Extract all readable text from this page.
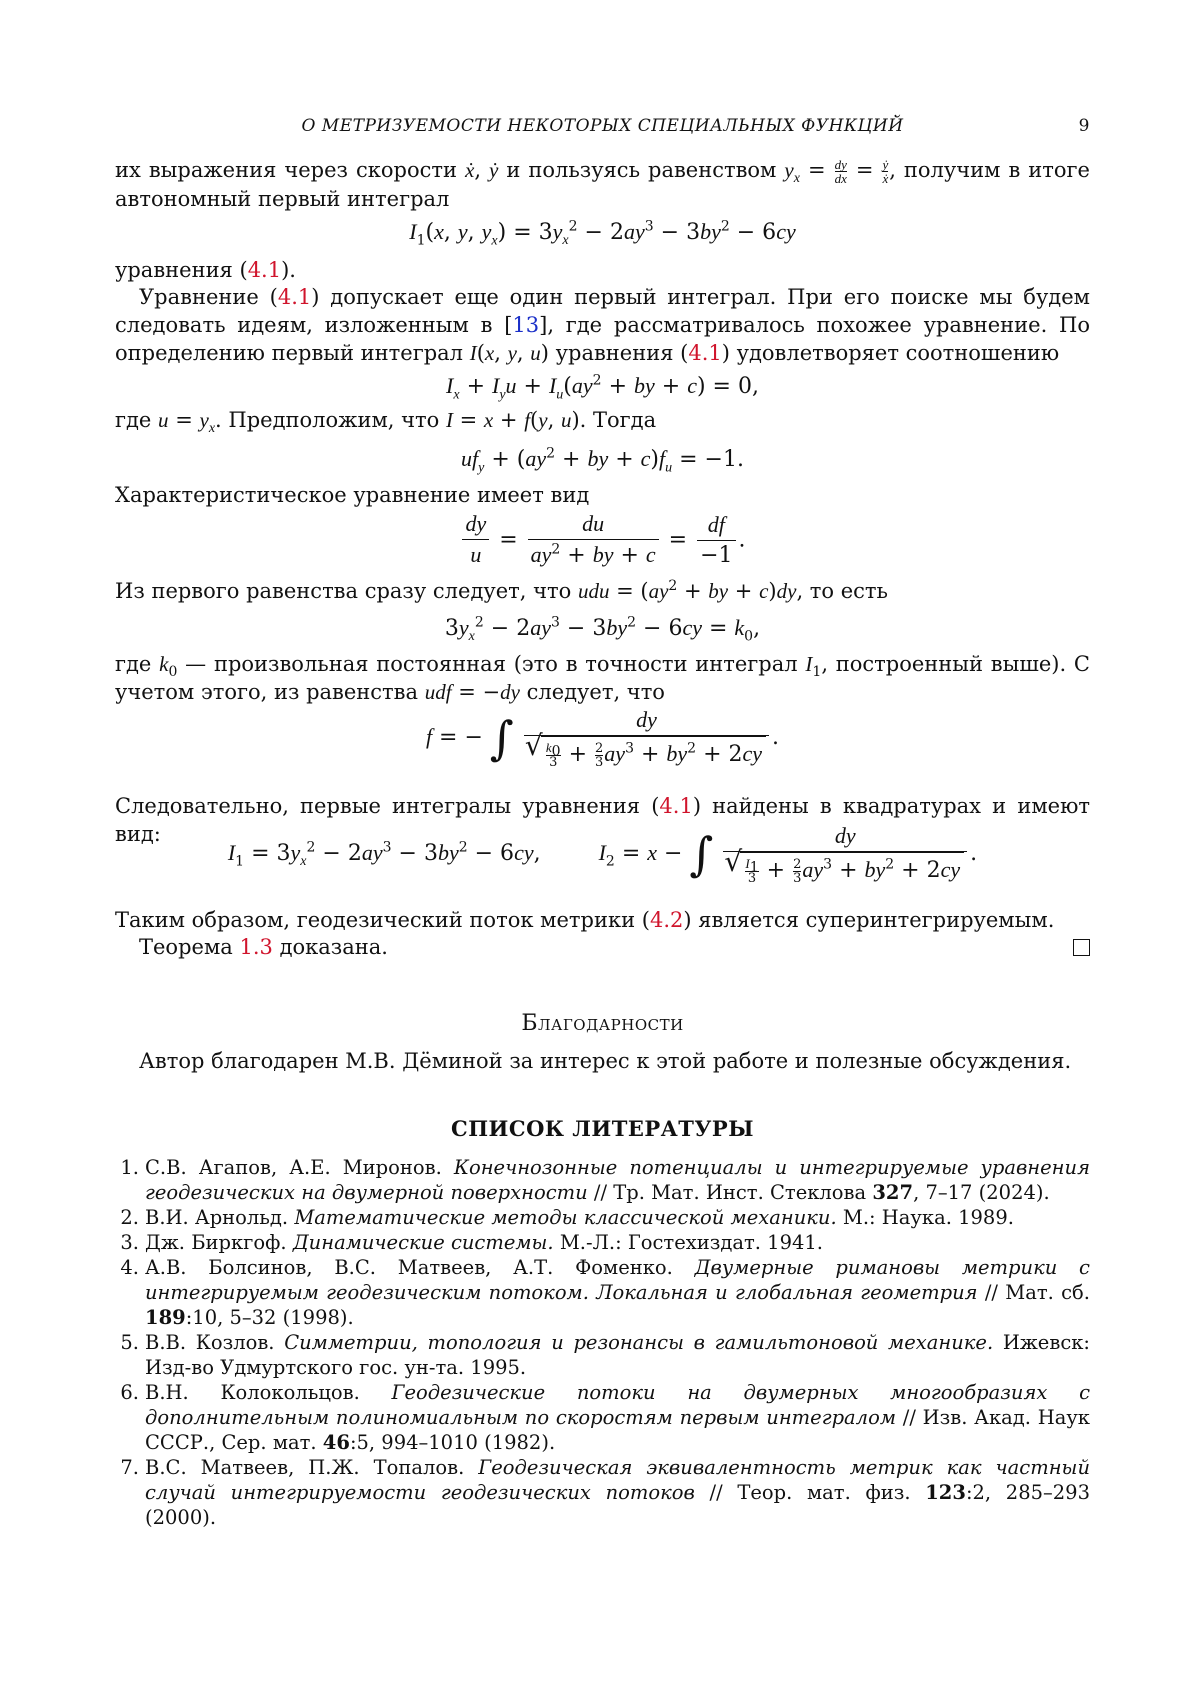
О МЕТРИЗУЕМОСТИ НЕКОТОРЫХ СПЕЦИАЛЬНЫХ ФУНКЦИЙ	9
их выражения через скорости ẋ, ẏ и пользуясь равенством $y_x = \frac{dy}{dx} = \frac{\text{ẏ}}{\text{ẋ}}$ , получим в итоге автономный первый интеграл
$I_1(x$, y, $y_x) = 3y_x^2 - 2ay^3 - 3by^2 - 6cy$
уравнения (4.1).
Уравнение (4.1) допускает еще один первый интеграл. При его поиске мы будем следовать идеям, изложенным в [13], где рассматривалось похожее уравнение. По определению первый интеграл I(x, y, u) уравнения (4.1) удовлетворяет соотношению
$I_x + I_yu + I_u(ay^2$ + by + c) = 0,
где $u = y_x$. Предположим, что I = x + f(y, u). Тогда
$uf_y + (ay^2$ + by + $c)f_u = -1$.
Характеристическое уравнение имеет вид
$\frac{dy}{u} = \frac{du}{ay^2 + by + c} = \frac{df}{-1}$ .
Из первого равенства сразу следует, что udu = ($ay^2$ + by + c)dy, то есть
$3y_x^2 - 2ay^3 - 3by^2 - 6cy = k_0$,
где $k_0$ — произвольная постоянная (это в точности интеграл $I_1$, построенный выше). С учетом этого, из равенства udf = −dy следует, что
f = − ∫ dy
√ $\frac{k_0}{3} + \frac{2}{3} ay^3 + by^2 + 2cy$ .
Следовательно, первые интегралы уравнения (4.1) найдены в квадратурах и имеют вид:
$I_1 = 3y_x^2 - 2ay^3 - 3by^2 - 6cy$,  $I_2 = x$ − ∫ dy
√ $\frac{I_1}{3} + \frac{2}{3} ay^3 + by^2 + 2cy$ .
Таким образом, геодезический поток метрики (4.2) является суперинтегрируемым.
Теорема 1.3 доказана.
Благодарности
Автор благодарен М.В. Дёминой за интерес к этой работе и полезные обсуждения.
СПИСОК ЛИТЕРАТУРЫ
1. С.В. Агапов, А.Е. Миронов. Конечнозонные потенциалы и интегрируемые уравнения геодезических на двумерной поверхности // Тр. Мат. Инст. Стеклова 327, 7–17 (2024).
2. В.И. Арнольд. Математические методы классической механики. М.: Наука. 1989.
3. Дж. Биркгоф. Динамические системы. М.-Л.: Гостехиздат. 1941.
4. А.В. Болсинов, В.С. Матвеев, А.Т. Фоменко. Двумерные римановы метрики с интегрируемым геодезическим потоком. Локальная и глобальная геометрия // Мат. сб. 189:10, 5–32 (1998).
5. В.В. Козлов. Симметрии, топология и резонансы в гамильтоновой механике. Ижевск: Изд-во Удмуртского гос. ун-та. 1995.
6. В.Н. Колокольцов. Геодезические потоки на двумерных многообразиях с дополнительным полиномиальным по скоростям первым интегралом // Изв. Акад. Наук СССР., Сер. мат. 46:5, 994–1010 (1982).
7. В.С. Матвеев, П.Ж. Топалов. Геодезическая эквивалентность метрик как частный случай интегрируемости геодезических потоков // Теор. мат. физ. 123:2, 285–293 (2000).
